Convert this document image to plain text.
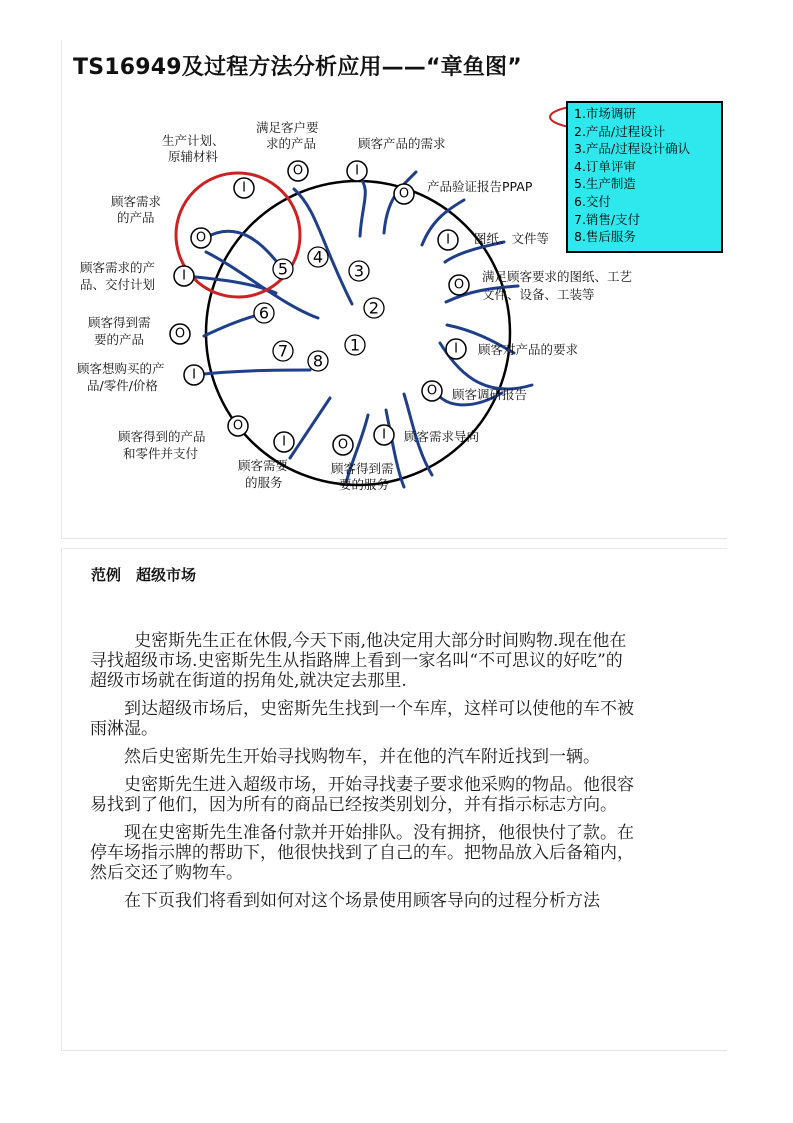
TS16949及过程方法分析应用——“章鱼图”
I
O
O	I
O
I
O
I
O
I
O
I
O
I
O
I
1
2
3
4
5
6
7
8
生产计划、
原辅材料
满足客户要
求的产品	顾客产品的需求
产品验证报告PPAP
图纸、文件等
满足顾客要求的图纸、工艺
文件、设备、工装等
顾客对产品的要求
顾客调研报告
顾客需求导向
顾客得到需
要的服务
顾客需要
的服务
顾客得到的产品
和零件并支付
顾客想购买的产
品/零件/价格
顾客得到需
要的产品
顾客需求的产
品、交付计划
顾客需求
的产品
1.市场调研
2.产品/过程设计
3.产品/过程设计确认
4.订单评审
5.生产制造
6.交付
7.销售/支付
8.售后服务
范例　超级市场

史密斯先生正在休假,今天下雨,他决定用大部分时间购物.现在他在寻找超级市场.史密斯先生从指路牌上看到一家名叫“不可思议的好吃”的超级市场就在街道的拐角处,就决定去那里.

到达超级市场后，史密斯先生找到一个车库，这样可以使他的车不被雨淋湿。

然后史密斯先生开始寻找购物车，并在他的汽车附近找到一辆。

史密斯先生进入超级市场，开始寻找妻子要求他采购的物品。他很容易找到了他们，因为所有的商品已经按类别划分，并有指示标志方向。

现在史密斯先生准备付款并开始排队。没有拥挤，他很快付了款。在停车场指示牌的帮助下，他很快找到了自己的车。把物品放入后备箱内，然后交还了购物车。

在下页我们将看到如何对这个场景使用顾客导向的过程分析方法
